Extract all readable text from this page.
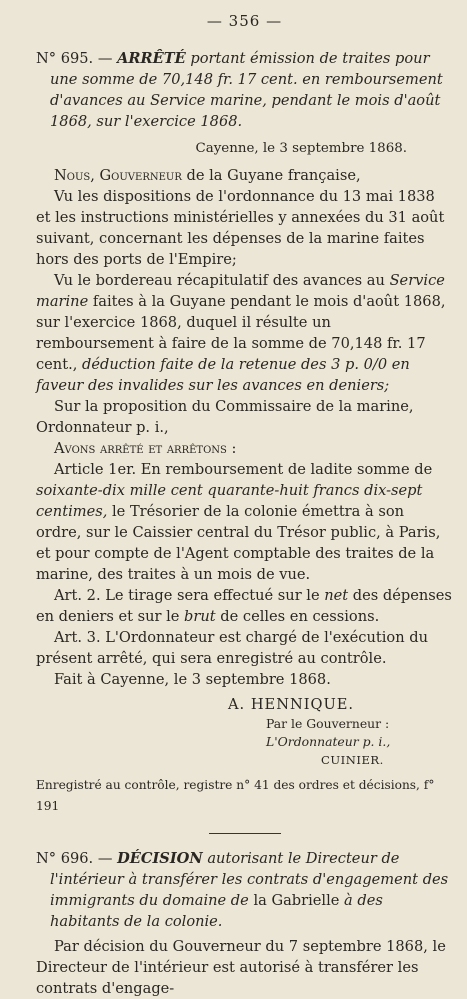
— 356 —

N° 695. — ARRÊTÉ portant émission de traites pour une somme de 70,148 fr. 17 cent. en remboursement d'avances au Service marine, pendant le mois d'août 1868, sur l'exercice 1868.

Cayenne, le 3 septembre 1868.

Nous, Gouverneur de la Guyane française,

Vu les dispositions de l'ordonnance du 13 mai 1838 et les instructions ministérielles y annexées du 31 août suivant, concernant les dépenses de la marine faites hors des ports de l'Empire;

Vu le bordereau récapitulatif des avances au Service marine faites à la Guyane pendant le mois d'août 1868, sur l'exercice 1868, duquel il résulte un remboursement à faire de la somme de 70,148 fr. 17 cent., déduction faite de la retenue des 3 p. 0/0 en faveur des invalides sur les avances en deniers;

Sur la proposition du Commissaire de la marine, Ordonnateur p. i.,

Avons arrêté et arrêtons :

Article 1er. En remboursement de ladite somme de soixante-dix mille cent quarante-huit francs dix-sept centimes, le Trésorier de la colonie émettra à son ordre, sur le Caissier central du Trésor public, à Paris, et pour compte de l'Agent comptable des traites de la marine, des traites à un mois de vue.

Art. 2. Le tirage sera effectué sur le net des dépenses en deniers et sur le brut de celles en cessions.

Art. 3. L'Ordonnateur est chargé de l'exécution du présent arrêté, qui sera enregistré au contrôle.

Fait à Cayenne, le 3 septembre 1868.

A. HENNIQUE.

Par le Gouverneur :

L'Ordonnateur p. i.,

CUINIER.

Enregistré au contrôle, registre n° 41 des ordres et décisions, f° 191

N° 696. — DÉCISION autorisant le Directeur de l'intérieur à transférer les contrats d'engagement des immigrants du domaine de la Gabrielle à des habitants de la colonie.

Par décision du Gouverneur du 7 septembre 1868, le Directeur de l'intérieur est autorisé à transférer les contrats d'engage-
